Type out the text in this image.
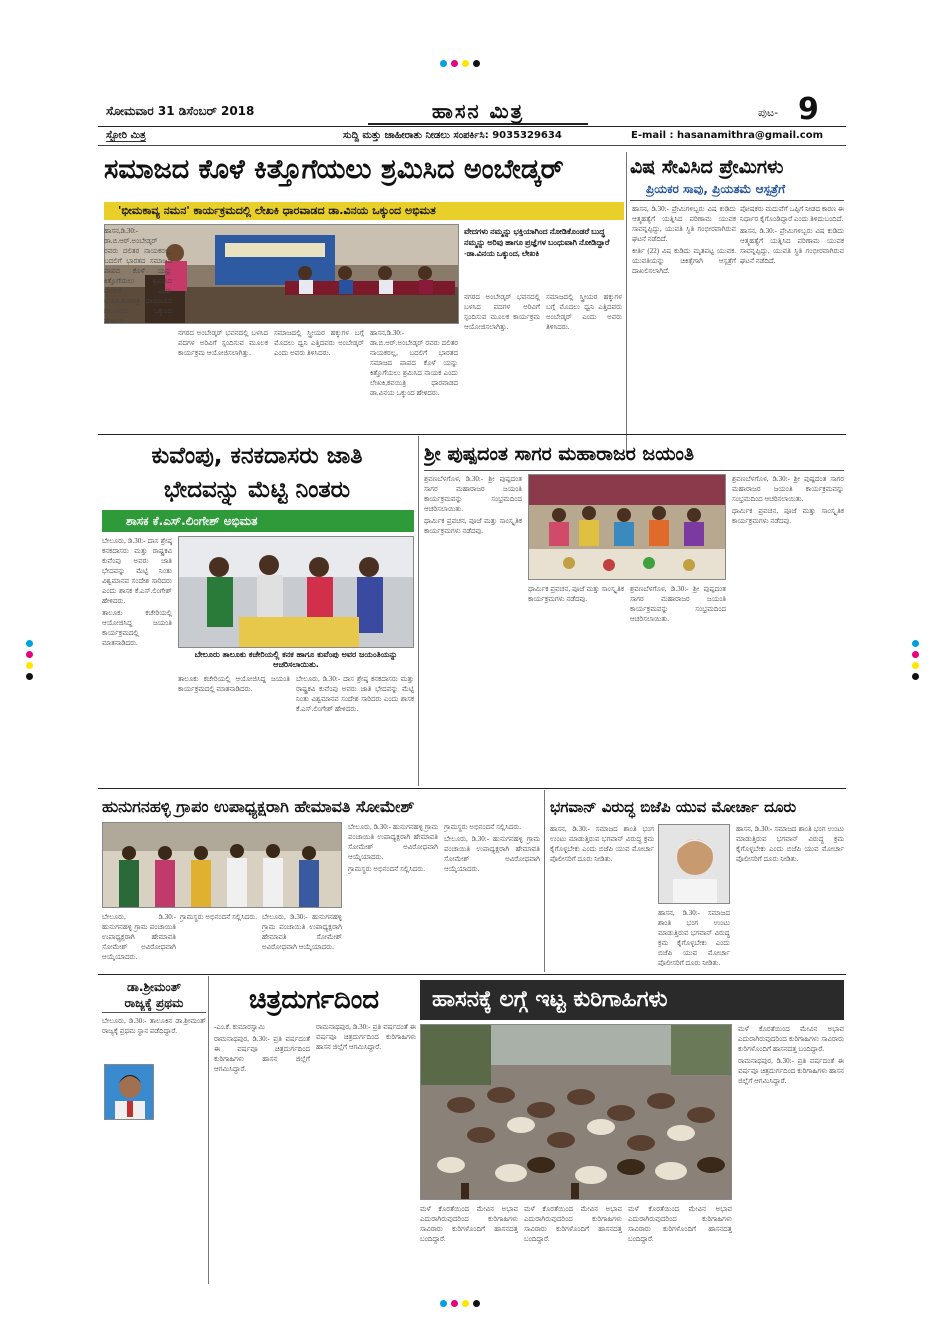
ಸೋಮವಾರ 31 ಡಿಸೆಂಬರ್ 2018	ಹಾಸನ ಮಿತ್ರ	ಪುಟ- 9
ಸ್ಟೋರಿ ಮಿತ್ರ	ಸುದ್ದಿ ಮತ್ತು ಜಾಹೀರಾತು ನೀಡಲು ಸಂಪರ್ಕಿಸಿ: 9035329634	E-mail : hasanamithra@gmail.com
ಸಮಾಜದ ಕೊಳೆ ಕಿತ್ತೊಗೆಯಲು ಶ್ರಮಿಸಿದ ಅಂಬೇಡ್ಕರ್
'ಭೀಮಕಾವ್ಯ ನಮನ' ಕಾರ್ಯಕ್ರಮದಲ್ಲಿ ಲೇಖಕಿ ಧಾರವಾಡದ ಡಾ.ವಿನಯ ಒಕ್ಕುಂದ ಅಭಿಮತ

ಹಾಸನ,ಡಿ.30:- ಡಾ.ಬಿ.ಆರ್.ಅಂಬೇಡ್ಕರ್ ರವರು ದಲಿತರ ನಾಯಕರಲ್ಲ, ಬದಲಿಗೆ ಭಾರತದ ಸಮಾಜದ ಪಾಪದ ಕೊಳೆ ಯನ್ನು ಕಿತ್ತೊಗೆಯಲು ಶ್ರಮಿಸಿದ ನಾಯಕ ಎಂದು ಲೇಖಕಿ,ಕವಯಿತ್ರಿ ಧಾರವಾಡದ ಡಾ.ವಿನಯ ಒಕ್ಕುಂದ ಹೇಳಿದರು.

ನಗರದ ಅಂಬೇಡ್ಕರ್ ಭವನದಲ್ಲಿ ಬಳಸಿದ ಪದಗಳ ಅರಿವಿಗೆ ಸ್ಪಂದಿಸುವ ಮೂಲಕ ಕಾರ್ಯಕ್ರಮ ಆಯೋಜಿಸಲಾಗಿತ್ತು.

ಸಮಾಜದಲ್ಲಿ ಸ್ತ್ರೀಯರ ಹಕ್ಕುಗಳ ಬಗ್ಗೆ ಮೊದಲು ಧ್ವನಿ ಎತ್ತಿದವರು ಅಂಬೇಡ್ಕರ್ ಎಂದು ಅವರು ತಿಳಿಸಿದರು.

ಹಾಸನ,ಡಿ.30:- ಡಾ.ಬಿ.ಆರ್.ಅಂಬೇಡ್ಕರ್ ರವರು ದಲಿತರ ನಾಯಕರಲ್ಲ, ಬದಲಿಗೆ ಭಾರತದ ಸಮಾಜದ ಪಾಪದ ಕೊಳೆ ಯನ್ನು ಕಿತ್ತೊಗೆಯಲು ಶ್ರಮಿಸಿದ ನಾಯಕ ಎಂದು ಲೇಖಕಿ,ಕವಯಿತ್ರಿ ಧಾರವಾಡದ ಡಾ.ವಿನಯ ಒಕ್ಕುಂದ ಹೇಳಿದರು.

ವೇದಗಳು ನಮ್ಮನ್ನು ಭಕ್ತಿಯಾಗಿಂದ ನೋಡಿಕೊಂಡರೆ ಬುದ್ಧ ನಮ್ಮನ್ನು ಅರಿವು ಹಾಗೂ ಪ್ರಜ್ಞೆಗಳ ಬಂಧುವಾಗಿ ನೋಡಿದ್ದಾರೆ
-ಡಾ.ವಿನಯ ಒಕ್ಕುಂದ, ಲೇಖಕಿ

ನಗರದ ಅಂಬೇಡ್ಕರ್ ಭವನದಲ್ಲಿ ಬಳಸಿದ ಪದಗಳ ಅರಿವಿಗೆ ಸ್ಪಂದಿಸುವ ಮೂಲಕ ಕಾರ್ಯಕ್ರಮ ಆಯೋಜಿಸಲಾಗಿತ್ತು.

ಸಮಾಜದಲ್ಲಿ ಸ್ತ್ರೀಯರ ಹಕ್ಕುಗಳ ಬಗ್ಗೆ ಮೊದಲು ಧ್ವನಿ ಎತ್ತಿದವರು ಅಂಬೇಡ್ಕರ್ ಎಂದು ಅವರು ತಿಳಿಸಿದರು.

ವಿಷ ಸೇವಿಸಿದ ಪ್ರೇಮಿಗಳು
ಪ್ರಿಯಕರ ಸಾವು, ಪ್ರಿಯತಮೆ ಆಸ್ಪತ್ರೆಗೆ

ಹಾಸನ, ಡಿ.30:- ಪ್ರೇಮಿಗಳಿಬ್ಬರು ವಿಷ ಕುಡಿದು ಆತ್ಮಹತ್ಯೆಗೆ ಯತ್ನಿಸಿದ ಪರಿಣಾಮ ಯುವಕ ಸಾವನ್ನಪ್ಪಿದ್ದು, ಯುವತಿ ಸ್ಥಿತಿ ಗಂಭೀರವಾಗಿರುವ ಘಟನೆ ನಡೆದಿದೆ.

ಕೀರ್ತಿ (22) ವಿಷ ಕುಡಿದು ಮೃತಪಟ್ಟ ಯುವಕ. ಯುವತಿಯನ್ನು ಚಿಕಿತ್ಸೆಗಾಗಿ ಆಸ್ಪತ್ರೆಗೆ ದಾಖಲಿಸಲಾಗಿದೆ.

ಪೋಷಕರು ಮದುವೆಗೆ ಒಪ್ಪಿಗೆ ನೀಡದ ಕಾರಣ ಈ ನಿರ್ಧಾರ ಕೈಗೊಂಡಿದ್ದಾರೆ ಎಂದು ತಿಳಿದುಬಂದಿದೆ.

ಹಾಸನ, ಡಿ.30:- ಪ್ರೇಮಿಗಳಿಬ್ಬರು ವಿಷ ಕುಡಿದು ಆತ್ಮಹತ್ಯೆಗೆ ಯತ್ನಿಸಿದ ಪರಿಣಾಮ ಯುವಕ ಸಾವನ್ನಪ್ಪಿದ್ದು, ಯುವತಿ ಸ್ಥಿತಿ ಗಂಭೀರವಾಗಿರುವ ಘಟನೆ ನಡೆದಿದೆ.

ಕುವೆಂಪು, ಕನಕದಾಸರು ಜಾತಿ
ಭೇದವನ್ನು ಮೆಟ್ಟಿ ನಿಂತರು
ಶಾಸಕ ಕೆ.ಎಸ್.ಲಿಂಗೇಶ್ ಅಭಿಮತ

ಬೇಲೂರು, ಡಿ.30:- ದಾಸ ಶ್ರೇಷ್ಠ ಕನಕದಾಸರು ಮತ್ತು ರಾಷ್ಟ್ರಕವಿ ಕುವೆಂಪು ಅವರು ಜಾತಿ ಭೇದವನ್ನು ಮೆಟ್ಟಿ ನಿಂತು ವಿಶ್ವಮಾನವ ಸಂದೇಶ ಸಾರಿದರು ಎಂದು ಶಾಸಕ ಕೆ.ಎಸ್.ಲಿಂಗೇಶ್ ಹೇಳಿದರು.

ತಾಲೂಕು ಕಚೇರಿಯಲ್ಲಿ ಆಯೋಜಿಸಿದ್ದ ಜಯಂತಿ ಕಾರ್ಯಕ್ರಮದಲ್ಲಿ ಮಾತನಾಡಿದರು.

ಬೇಲೂರು ತಾಲೂಕು ಕಚೇರಿಯಲ್ಲಿ ಕನಕ ಹಾಗೂ ಕುವೆಂಪು ಅವರ ಜಯಂತಿಯನ್ನು ಆಚರಿಸಲಾಯಿತು.

ತಾಲೂಕು ಕಚೇರಿಯಲ್ಲಿ ಆಯೋಜಿಸಿದ್ದ ಜಯಂತಿ ಕಾರ್ಯಕ್ರಮದಲ್ಲಿ ಮಾತನಾಡಿದರು.

ಬೇಲೂರು, ಡಿ.30:- ದಾಸ ಶ್ರೇಷ್ಠ ಕನಕದಾಸರು ಮತ್ತು ರಾಷ್ಟ್ರಕವಿ ಕುವೆಂಪು ಅವರು ಜಾತಿ ಭೇದವನ್ನು ಮೆಟ್ಟಿ ನಿಂತು ವಿಶ್ವಮಾನವ ಸಂದೇಶ ಸಾರಿದರು ಎಂದು ಶಾಸಕ ಕೆ.ಎಸ್.ಲಿಂಗೇಶ್ ಹೇಳಿದರು.

ಶ್ರೀ ಪುಷ್ಪದಂತ ಸಾಗರ ಮಹಾರಾಜರ ಜಯಂತಿ

ಶ್ರವಣಬೆಳಗೊಳ, ಡಿ.30:- ಶ್ರೀ ಪುಷ್ಪದಂತ ಸಾಗರ ಮಹಾರಾಜರ ಜಯಂತಿ ಕಾರ್ಯಕ್ರಮವನ್ನು ಸಂಭ್ರಮದಿಂದ ಆಚರಿಸಲಾಯಿತು.

ಧಾರ್ಮಿಕ ಪ್ರವಚನ, ಪೂಜೆ ಮತ್ತು ಸಾಂಸ್ಕೃತಿಕ ಕಾರ್ಯಕ್ರಮಗಳು ನಡೆದವು.

ಧಾರ್ಮಿಕ ಪ್ರವಚನ, ಪೂಜೆ ಮತ್ತು ಸಾಂಸ್ಕೃತಿಕ ಕಾರ್ಯಕ್ರಮಗಳು ನಡೆದವು.

ಶ್ರವಣಬೆಳಗೊಳ, ಡಿ.30:- ಶ್ರೀ ಪುಷ್ಪದಂತ ಸಾಗರ ಮಹಾರಾಜರ ಜಯಂತಿ ಕಾರ್ಯಕ್ರಮವನ್ನು ಸಂಭ್ರಮದಿಂದ ಆಚರಿಸಲಾಯಿತು.

ಶ್ರವಣಬೆಳಗೊಳ, ಡಿ.30:- ಶ್ರೀ ಪುಷ್ಪದಂತ ಸಾಗರ ಮಹಾರಾಜರ ಜಯಂತಿ ಕಾರ್ಯಕ್ರಮವನ್ನು ಸಂಭ್ರಮದಿಂದ ಆಚರಿಸಲಾಯಿತು.

ಧಾರ್ಮಿಕ ಪ್ರವಚನ, ಪೂಜೆ ಮತ್ತು ಸಾಂಸ್ಕೃತಿಕ ಕಾರ್ಯಕ್ರಮಗಳು ನಡೆದವು.

ಹುನುಗನಹಳ್ಳಿ ಗ್ರಾಪಂ ಉಪಾಧ್ಯಕ್ಷರಾಗಿ ಹೇಮಾವತಿ ಸೋಮೇಶ್

ಬೇಲೂರು, ಡಿ.30:- ಹುನುಗನಹಳ್ಳಿ ಗ್ರಾಮ ಪಂಚಾಯಿತಿ ಉಪಾಧ್ಯಕ್ಷರಾಗಿ ಹೇಮಾವತಿ ಸೋಮೇಶ್ ಅವಿರೋಧವಾಗಿ ಆಯ್ಕೆಯಾದರು.

ಗ್ರಾಮಸ್ಥರು ಅಭಿನಂದನೆ ಸಲ್ಲಿಸಿದರು. ಬೇಲೂರು, ಡಿ.30:- ಹುನುಗನಹಳ್ಳಿ ಗ್ರಾಮ ಪಂಚಾಯಿತಿ ಉಪಾಧ್ಯಕ್ಷರಾಗಿ ಹೇಮಾವತಿ ಸೋಮೇಶ್ ಅವಿರೋಧವಾಗಿ ಆಯ್ಕೆಯಾದರು.

ಬೇಲೂರು, ಡಿ.30:- ಹುನುಗನಹಳ್ಳಿ ಗ್ರಾಮ ಪಂಚಾಯಿತಿ ಉಪಾಧ್ಯಕ್ಷರಾಗಿ ಹೇಮಾವತಿ ಸೋಮೇಶ್ ಅವಿರೋಧವಾಗಿ ಆಯ್ಕೆಯಾದರು.

ಗ್ರಾಮಸ್ಥರು ಅಭಿನಂದನೆ ಸಲ್ಲಿಸಿದರು.

ಗ್ರಾಮಸ್ಥರು ಅಭಿನಂದನೆ ಸಲ್ಲಿಸಿದರು.

ಬೇಲೂರು, ಡಿ.30:- ಹುನುಗನಹಳ್ಳಿ ಗ್ರಾಮ ಪಂಚಾಯಿತಿ ಉಪಾಧ್ಯಕ್ಷರಾಗಿ ಹೇಮಾವತಿ ಸೋಮೇಶ್ ಅವಿರೋಧವಾಗಿ ಆಯ್ಕೆಯಾದರು.

ಭಗವಾನ್ ವಿರುದ್ಧ ಬಿಜೆಪಿ ಯುವ ಮೋರ್ಚಾ ದೂರು

ಹಾಸನ, ಡಿ.30:- ಸಮಾಜದ ಶಾಂತಿ ಭಂಗ ಉಂಟು ಮಾಡುತ್ತಿರುವ ಭಗವಾನ್ ವಿರುದ್ಧ ಕ್ರಮ ಕೈಗೊಳ್ಳಬೇಕು ಎಂದು ಬಿಜೆಪಿ ಯುವ ಮೋರ್ಚಾ ಪೊಲೀಸರಿಗೆ ದೂರು ನೀಡಿತು.

ಹಾಸನ, ಡಿ.30:- ಸಮಾಜದ ಶಾಂತಿ ಭಂಗ ಉಂಟು ಮಾಡುತ್ತಿರುವ ಭಗವಾನ್ ವಿರುದ್ಧ ಕ್ರಮ ಕೈಗೊಳ್ಳಬೇಕು ಎಂದು ಬಿಜೆಪಿ ಯುವ ಮೋರ್ಚಾ ಪೊಲೀಸರಿಗೆ ದೂರು ನೀಡಿತು.

ಹಾಸನ, ಡಿ.30:- ಸಮಾಜದ ಶಾಂತಿ ಭಂಗ ಉಂಟು ಮಾಡುತ್ತಿರುವ ಭಗವಾನ್ ವಿರುದ್ಧ ಕ್ರಮ ಕೈಗೊಳ್ಳಬೇಕು ಎಂದು ಬಿಜೆಪಿ ಯುವ ಮೋರ್ಚಾ ಪೊಲೀಸರಿಗೆ ದೂರು ನೀಡಿತು.

ಡಾ.ಶ್ರೀಮಂತ್
ರಾಜ್ಯಕ್ಕೆ ಪ್ರಥಮ

ಬೇಲೂರು, ಡಿ.30:- ತಾಲೂಕಿನ ಡಾ.ಶ್ರೀಮಂತ್ ರಾಜ್ಯಕ್ಕೆ ಪ್ರಥಮ ಸ್ಥಾನ ಪಡೆದಿದ್ದಾರೆ.

ಚಿತ್ರದುರ್ಗದಿಂದ

-ಎಂ.ಕೆ. ಕುಮಾರಸ್ವಾಮಿ

ರಾಮನಾಥಪುರ, ಡಿ.30:- ಪ್ರತಿ ವರ್ಷದಂತೆ ಈ ವರ್ಷವೂ ಚಿತ್ರದುರ್ಗದಿಂದ ಕುರಿಗಾಹಿಗಳು ಹಾಸನ ಜಿಲ್ಲೆಗೆ ಆಗಮಿಸಿದ್ದಾರೆ.

ರಾಮನಾಥಪುರ, ಡಿ.30:- ಪ್ರತಿ ವರ್ಷದಂತೆ ಈ ವರ್ಷವೂ ಚಿತ್ರದುರ್ಗದಿಂದ ಕುರಿಗಾಹಿಗಳು ಹಾಸನ ಜಿಲ್ಲೆಗೆ ಆಗಮಿಸಿದ್ದಾರೆ.

ಹಾಸನಕ್ಕೆ ಲಗ್ಗೆ ಇಟ್ಟ ಕುರಿಗಾಹಿಗಳು

ಮಳೆ ಕೊರತೆಯಿಂದ ಮೇವಿನ ಅಭಾವ ಎದುರಾಗಿರುವುದರಿಂದ ಕುರಿಗಾಹಿಗಳು ಸಾವಿರಾರು ಕುರಿಗಳೊಂದಿಗೆ ಹಾಸನದತ್ತ ಬಂದಿದ್ದಾರೆ.

ಮಳೆ ಕೊರತೆಯಿಂದ ಮೇವಿನ ಅಭಾವ ಎದುರಾಗಿರುವುದರಿಂದ ಕುರಿಗಾಹಿಗಳು ಸಾವಿರಾರು ಕುರಿಗಳೊಂದಿಗೆ ಹಾಸನದತ್ತ ಬಂದಿದ್ದಾರೆ.

ಮಳೆ ಕೊರತೆಯಿಂದ ಮೇವಿನ ಅಭಾವ ಎದುರಾಗಿರುವುದರಿಂದ ಕುರಿಗಾಹಿಗಳು ಸಾವಿರಾರು ಕುರಿಗಳೊಂದಿಗೆ ಹಾಸನದತ್ತ ಬಂದಿದ್ದಾರೆ.

ಮಳೆ ಕೊರತೆಯಿಂದ ಮೇವಿನ ಅಭಾವ ಎದುರಾಗಿರುವುದರಿಂದ ಕುರಿಗಾಹಿಗಳು ಸಾವಿರಾರು ಕುರಿಗಳೊಂದಿಗೆ ಹಾಸನದತ್ತ ಬಂದಿದ್ದಾರೆ.

ರಾಮನಾಥಪುರ, ಡಿ.30:- ಪ್ರತಿ ವರ್ಷದಂತೆ ಈ ವರ್ಷವೂ ಚಿತ್ರದುರ್ಗದಿಂದ ಕುರಿಗಾಹಿಗಳು ಹಾಸನ ಜಿಲ್ಲೆಗೆ ಆಗಮಿಸಿದ್ದಾರೆ.
